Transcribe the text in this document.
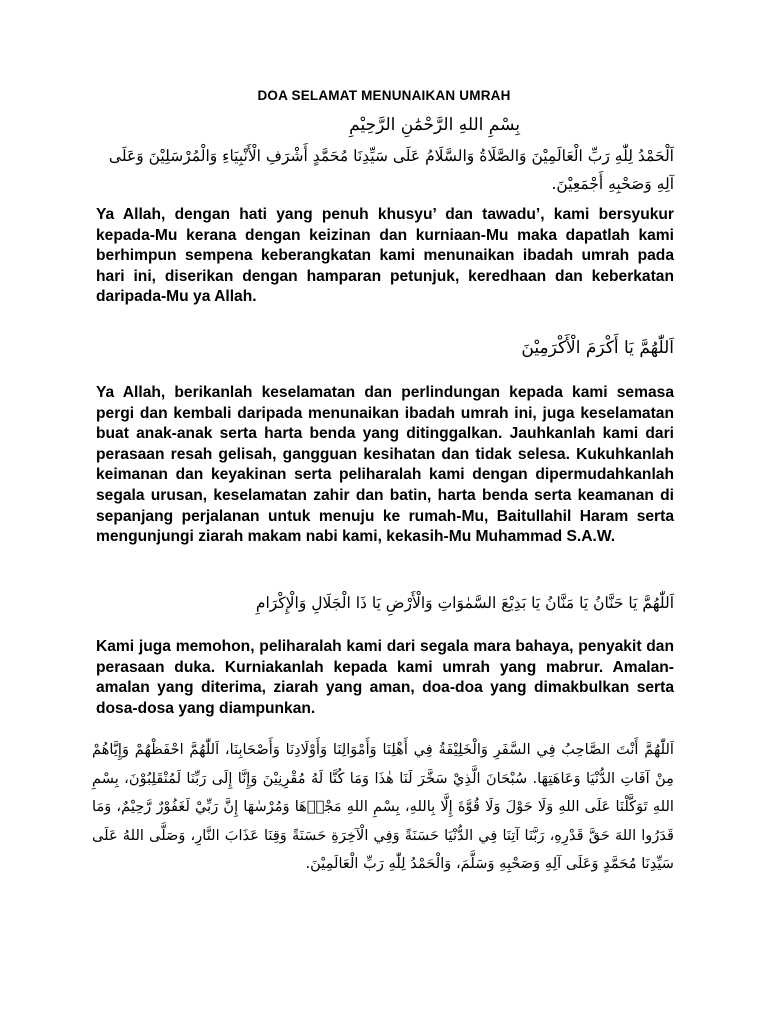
DOA SELAMAT MENUNAIKAN UMRAH
بِسْمِ اللهِ الرَّحْمَٰنِ الرَّحِيْمِ
اَلْحَمْدُ لِلّٰهِ رَبِّ الْعَالَمِيْنَ وَالصَّلَاةُ وَالسَّلَامُ عَلَى سَيِّدِنَا مُحَمَّدٍ أَشْرَفِ الْأَنْبِيَاءِ وَالْمُرْسَلِيْنَ وَعَلَى آلِهِ وَصَحْبِهِ أَجْمَعِيْنَ.

Ya Allah, dengan hati yang penuh khusyu’ dan tawadu’, kami bersyukur kepada-Mu kerana dengan keizinan dan kurniaan-Mu maka dapatlah kami berhimpun sempena keberangkatan kami menunaikan ibadah umrah pada hari ini, diserikan dengan hamparan petunjuk, keredhaan dan keberkatan daripada-Mu ya Allah.

اَللّٰهُمَّ يَا أَكْرَمَ الْأَكْرَمِيْنَ

Ya Allah, berikanlah keselamatan dan perlindungan kepada kami semasa pergi dan kembali daripada menunaikan ibadah umrah ini, juga keselamatan buat anak-anak serta harta benda yang ditinggalkan. Jauhkanlah kami dari perasaan resah gelisah, gangguan kesihatan dan tidak selesa. Kukuhkanlah keimanan dan keyakinan serta peliharalah kami dengan dipermudahkanlah segala urusan, keselamatan zahir dan batin, harta benda serta keamanan di sepanjang perjalanan untuk menuju ke rumah-Mu, Baitullahil Haram serta mengunjungi ziarah makam nabi kami, kekasih-Mu Muhammad S.A.W.

اَللّٰهُمَّ يَا حَنَّانُ يَا مَنَّانُ يَا بَدِيْعَ السَّمٰوَاتِ وَالْأَرْضِ يَا ذَا الْجَلَالِ وَالْإِكْرَامِ

Kami juga memohon, peliharalah kami dari segala mara bahaya, penyakit dan perasaan duka. Kurniakanlah kepada kami umrah yang mabrur. Amalan-amalan yang diterima, ziarah yang aman, doa-doa yang dimakbulkan serta dosa-dosa yang diampunkan.

اَللّٰهُمَّ أَنْتَ الصَّاحِبُ فِي السَّفَرِ وَالْخَلِيْفَةُ فِي أَهْلِنَا وَأَمْوَالِنَا وَأَوْلَادِنَا وَأَصْحَابِنَا، اَللّٰهُمَّ احْفَظْهُمْ وَإِيَّاهُمْ مِنْ آفَاتِ الدُّنْيَا وَعَاهَتِهَا. سُبْحَانَ الَّذِيْ سَخَّرَ لَنَا هٰذَا وَمَا كُنَّا لَهُ مُقْرِنِيْنَ وَإِنَّا إِلَى رَبِّنَا لَمُنْقَلِبُوْنَ، بِسْمِ اللهِ تَوَكَّلْنَا عَلَى اللهِ وَلَا حَوْلَ وَلَا قُوَّةَ إِلَّا بِاللهِ، بِسْمِ اللهِ مَجْرٖهَا وَمُرْسٰهَا إِنَّ رَبِّيْ لَغَفُوْرٌ رَّحِيْمٌ، وَمَا قَدَرُوا اللهَ حَقَّ قَدْرِهِ، رَبَّنَا آتِنَا فِي الدُّنْيَا حَسَنَةً وَفِي الْآخِرَةِ حَسَنَةً وَقِنَا عَذَابَ النَّارِ، وَصَلَّى اللهُ عَلَى سَيِّدِنَا مُحَمَّدٍ وَعَلَى آلِهِ وَصَحْبِهِ وَسَلَّمَ، وَالْحَمْدُ لِلّٰهِ رَبِّ الْعَالَمِيْنَ.
